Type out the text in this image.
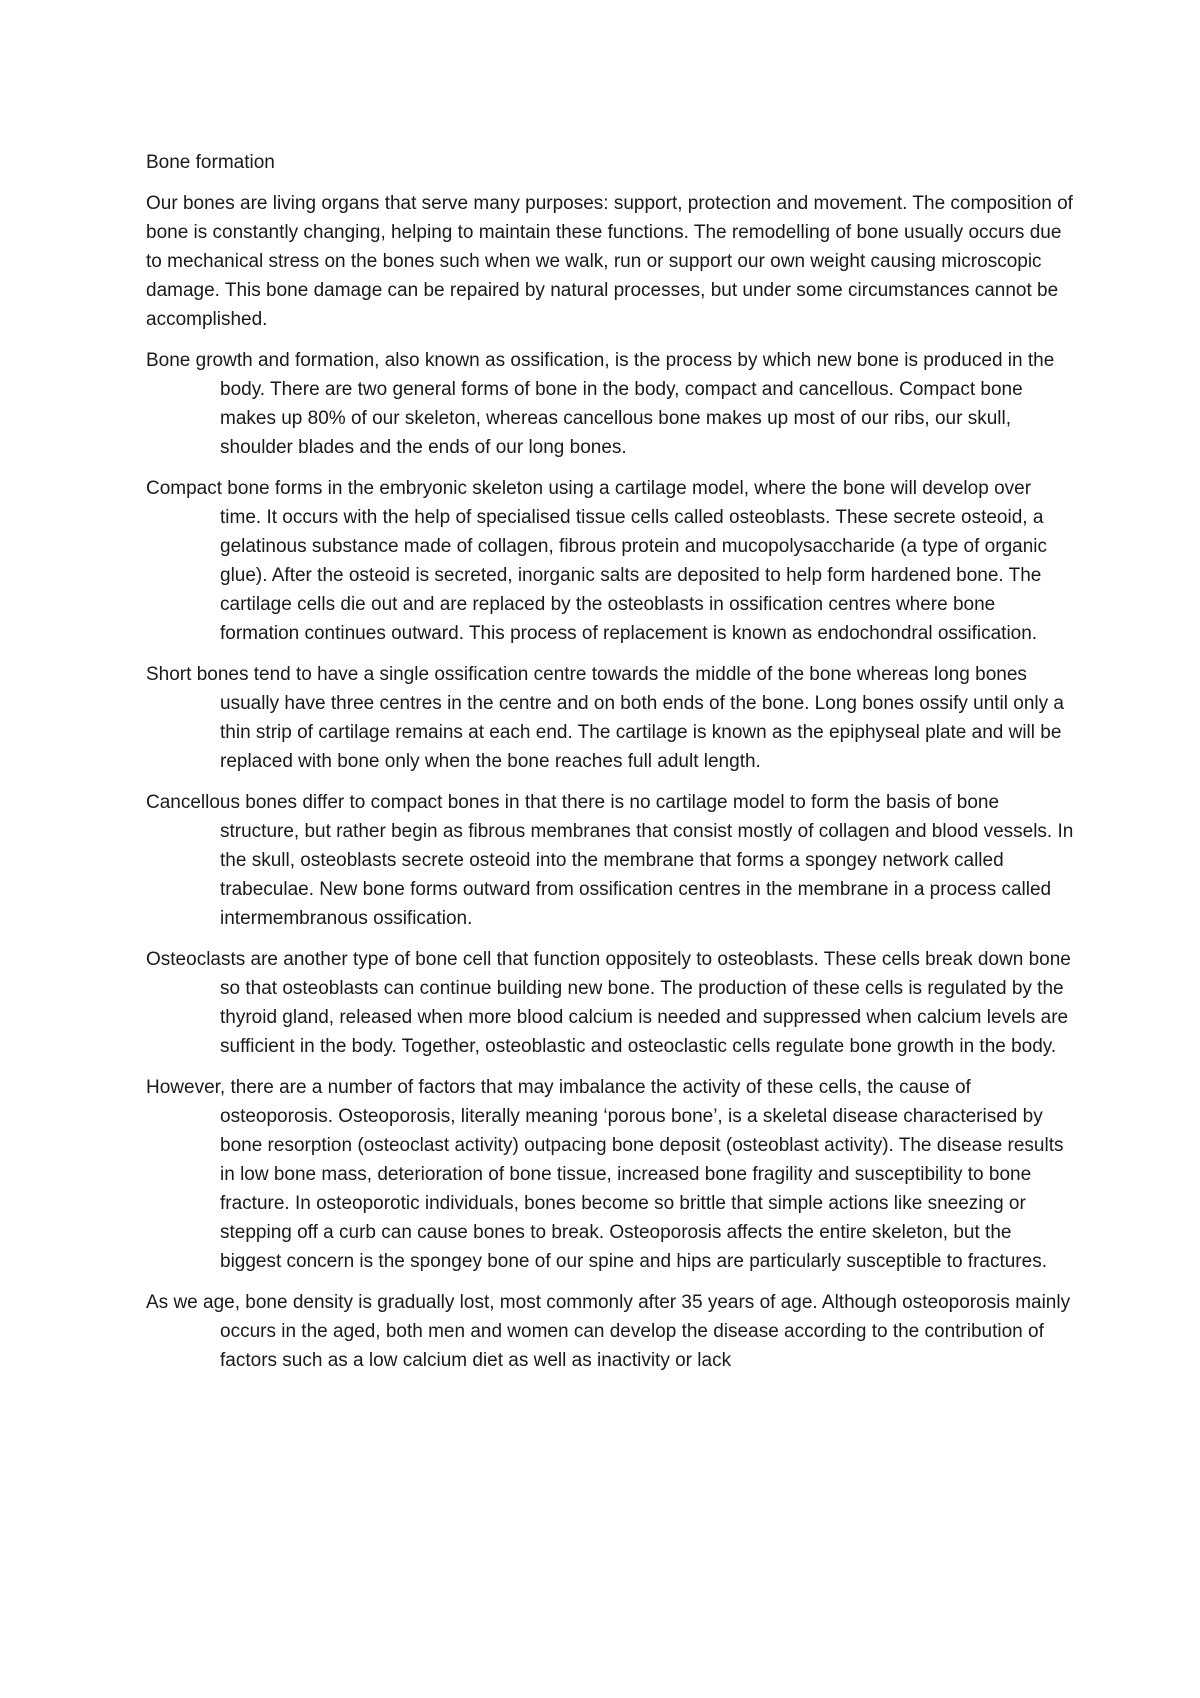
Bone formation

Our bones are living organs that serve many purposes: support, protection and movement. The composition of bone is constantly changing, helping to maintain these functions. The remodelling of bone usually occurs due to mechanical stress on the bones such when we walk, run or support our own weight causing microscopic damage. This bone damage can be repaired by natural processes, but under some circumstances cannot be accomplished.

Bone growth and formation, also known as ossification, is the process by which new bone is produced in the body. There are two general forms of bone in the body, compact and cancellous. Compact bone makes up 80% of our skeleton, whereas cancellous bone makes up most of our ribs, our skull, shoulder blades and the ends of our long bones.

Compact bone forms in the embryonic skeleton using a cartilage model, where the bone will develop over time. It occurs with the help of specialised tissue cells called osteoblasts. These secrete osteoid, a gelatinous substance made of collagen, fibrous protein and mucopolysaccharide (a type of organic glue). After the osteoid is secreted, inorganic salts are deposited to help form hardened bone. The cartilage cells die out and are replaced by the osteoblasts in ossification centres where bone formation continues outward. This process of replacement is known as endochondral ossification.

Short bones tend to have a single ossification centre towards the middle of the bone whereas long bones usually have three centres in the centre and on both ends of the bone. Long bones ossify until only a thin strip of cartilage remains at each end. The cartilage is known as the epiphyseal plate and will be replaced with bone only when the bone reaches full adult length.

Cancellous bones differ to compact bones in that there is no cartilage model to form the basis of bone structure, but rather begin as fibrous membranes that consist mostly of collagen and blood vessels. In the skull, osteoblasts secrete osteoid into the membrane that forms a spongey network called trabeculae. New bone forms outward from ossification centres in the membrane in a process called intermembranous ossification.

Osteoclasts are another type of bone cell that function oppositely to osteoblasts. These cells break down bone so that osteoblasts can continue building new bone. The production of these cells is regulated by the thyroid gland, released when more blood calcium is needed and suppressed when calcium levels are sufficient in the body. Together, osteoblastic and osteoclastic cells regulate bone growth in the body.

However, there are a number of factors that may imbalance the activity of these cells, the cause of osteoporosis. Osteoporosis, literally meaning ‘porous bone’, is a skeletal disease characterised by bone resorption (osteoclast activity) outpacing bone deposit (osteoblast activity). The disease results in low bone mass, deterioration of bone tissue, increased bone fragility and susceptibility to bone fracture. In osteoporotic individuals, bones become so brittle that simple actions like sneezing or stepping off a curb can cause bones to break. Osteoporosis affects the entire skeleton, but the biggest concern is the spongey bone of our spine and hips are particularly susceptible to fractures.

As we age, bone density is gradually lost, most commonly after 35 years of age. Although osteoporosis mainly occurs in the aged, both men and women can develop the disease according to the contribution of factors such as a low calcium diet as well as inactivity or lack
